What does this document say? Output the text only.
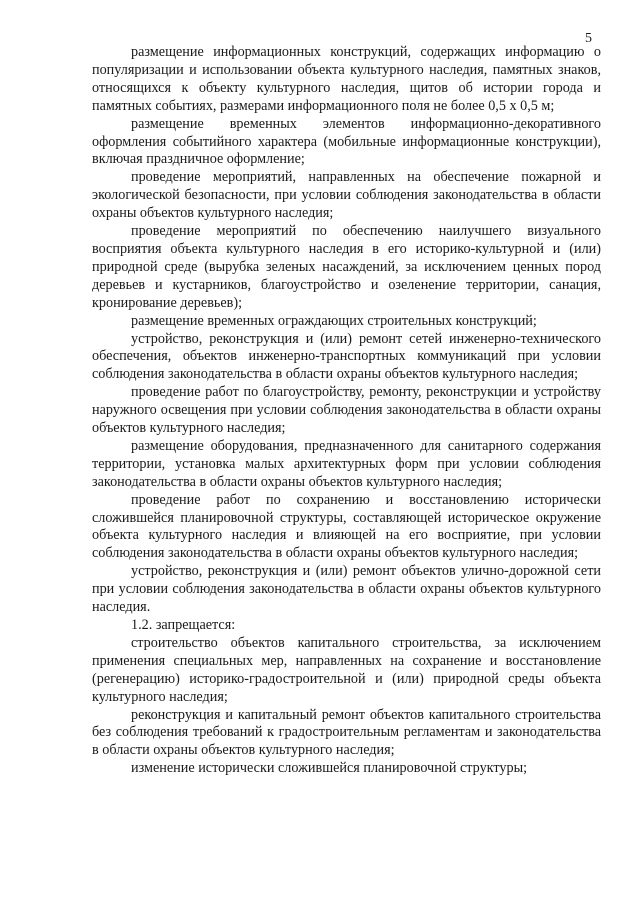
5

размещение информационных конструкций, содержащих информацию о популяризации и использовании объекта культурного наследия, памятных знаков, относящихся к объекту культурного наследия, щитов об истории города и памятных событиях, размерами информационного поля не более 0,5 х 0,5 м;

размещение временных элементов информационно-декоративного оформления событийного характера (мобильные информационные конструкции), включая праздничное оформление;

проведение мероприятий, направленных на обеспечение пожарной и экологической безопасности, при условии соблюдения законодательства в области охраны объектов культурного наследия;

проведение мероприятий по обеспечению наилучшего визуального восприятия объекта культурного наследия в его историко-культурной и (или) природной среде (вырубка зеленых насаждений, за исключением ценных пород деревьев и кустарников, благоустройство и озеленение территории, санация, кронирование деревьев);

размещение временных ограждающих строительных конструкций;

устройство, реконструкция и (или) ремонт сетей инженерно-технического обеспечения, объектов инженерно-транспортных коммуникаций при условии соблюдения законодательства в области охраны объектов культурного наследия;

проведение работ по благоустройству, ремонту, реконструкции и устройству наружного освещения при условии соблюдения законодательства в области охраны объектов культурного наследия;

размещение оборудования, предназначенного для санитарного содержания территории, установка малых архитектурных форм при условии соблюдения законодательства в области охраны объектов культурного наследия;

проведение работ по сохранению и восстановлению исторически сложившейся планировочной структуры, составляющей историческое окружение объекта культурного наследия и влияющей на его восприятие, при условии соблюдения законодательства в области охраны объектов культурного наследия;

устройство, реконструкция и (или) ремонт объектов улично-дорожной сети при условии соблюдения законодательства в области охраны объектов культурного наследия.

1.2. запрещается:

строительство объектов капитального строительства, за исключением применения специальных мер, направленных на сохранение и восстановление (регенерацию) историко-градостроительной и (или) природной среды объекта культурного наследия;

реконструкция и капитальный ремонт объектов капитального строительства без соблюдения требований к градостроительным регламентам и законодательства в области охраны объектов культурного наследия;

изменение исторически сложившейся планировочной структуры;
